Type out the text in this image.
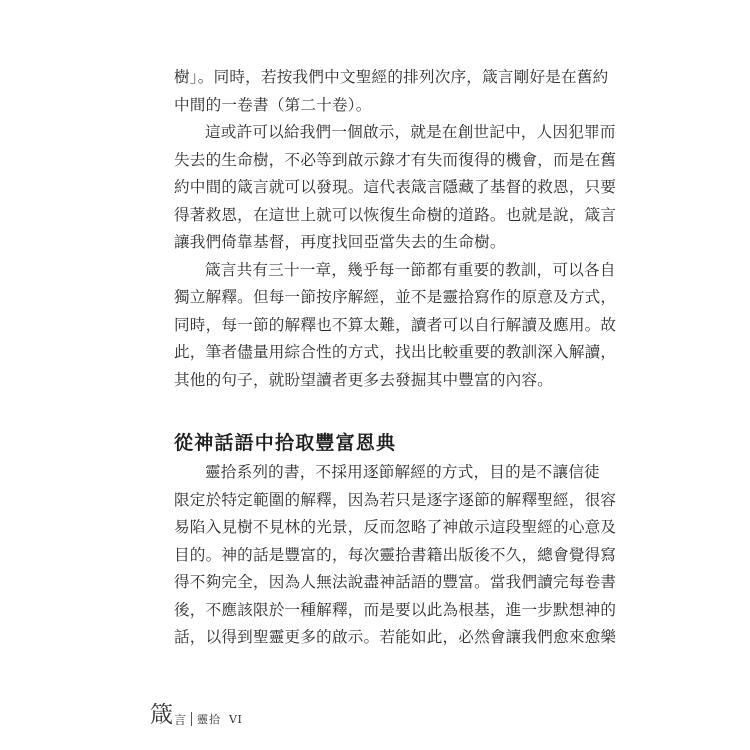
樹」。同時，若按我們中文聖經的排列次序，箴言剛好是在舊約
中間的一卷書（第二十卷）。
這或許可以給我們一個啟示，就是在創世記中，人因犯罪而
失去的生命樹，不必等到啟示錄才有失而復得的機會，而是在舊
約中間的箴言就可以發現。這代表箴言隱藏了基督的救恩，只要
得著救恩，在這世上就可以恢復生命樹的道路。也就是說，箴言
讓我們倚靠基督，再度找回亞當失去的生命樹。
箴言共有三十一章，幾乎每一節都有重要的教訓，可以各自
獨立解釋。但每一節按序解經，並不是靈拾寫作的原意及方式，
同時，每一節的解釋也不算太難，讀者可以自行解讀及應用。故
此，筆者儘量用綜合性的方式，找出比較重要的教訓深入解讀，
其他的句子，就盼望讀者更多去發掘其中豐富的內容。
從神話語中拾取豐富恩典
靈拾系列的書，不採用逐節解經的方式，目的是不讓信徒
限定於特定範圍的解釋，因為若只是逐字逐節的解釋聖經，很容
易陷入見樹不見林的光景，反而忽略了神啟示這段聖經的心意及
目的。神的話是豐富的，每次靈拾書籍出版後不久，總會覺得寫
得不夠完全，因為人無法說盡神話語的豐富。當我們讀完每卷書
後，不應該限於一種解釋，而是要以此為根基，進一步默想神的
話，以得到聖靈更多的啟示。若能如此，必然會讓我們愈來愈樂
箴 言 靈拾 VI
